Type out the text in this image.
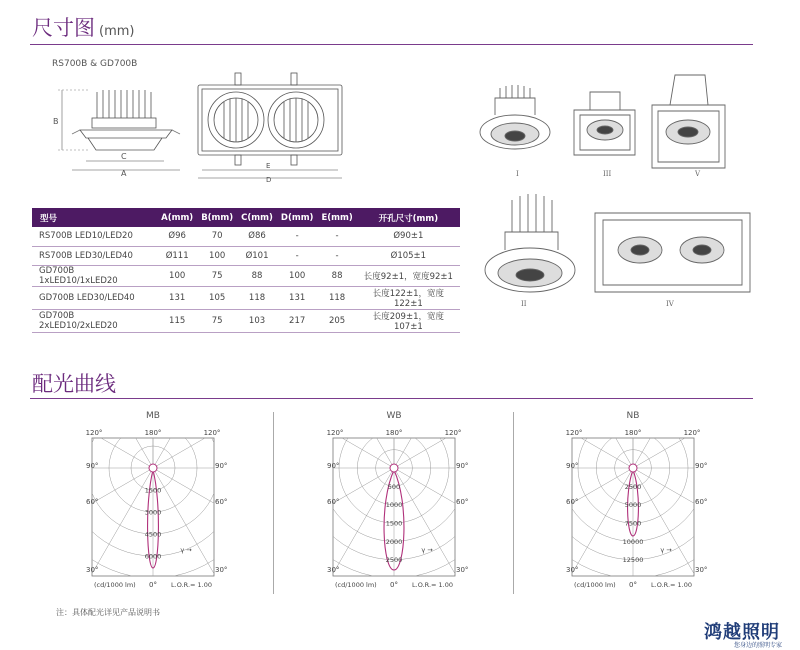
尺寸图 (mm)
RS700B & GD700B
B
C
A
E
D
I	III	V
II	IV
型号	A(mm)	B(mm)	C(mm)	D(mm)	E(mm)	开孔尺寸(mm)
RS700B LED10/LED20	Ø96	70	Ø86	-	-	Ø90±1
RS700B LED30/LED40	Ø111	100	Ø101	-	-	Ø105±1
GD700B 1xLED10/1xLED20	100	75	88	100	88	长度92±1，宽度92±1
GD700B LED30/LED40	131	105	118	131	118	长度122±1，宽度122±1
GD700B 2xLED10/2xLED20	115	75	103	217	205	长度209±1，宽度107±1
配光曲线
MB	WB	NB
1500
3000
4500
6000
120°	180°	120°
90°
60°
30°
90°
60°
30°
0°
(cd/1000 lm)	L.O.R.= 1.00
γ →
500
1000
1500
2000
2500
120°	180°	120°
90°
60°
30°
90°
60°
30°
0°
(cd/1000 lm)	L.O.R.= 1.00
γ →
2500
5000
7500
10000
12500
120°	180°	120°
90°
60°
30°
90°
60°
30°
0°
(cd/1000 lm)	L.O.R.= 1.00
γ →
注：具体配光详见产品说明书
鸿越照明
您身边的照明专家
